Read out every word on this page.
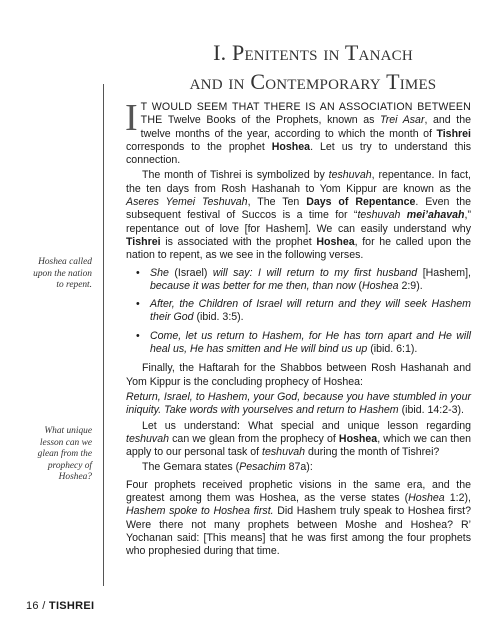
I. Penitents in Tanach
and in Contemporary Times
Hoshea called
upon the nation
to repent.
What unique
lesson can we
glean from the
prophecy of
Hoshea?

IT WOULD SEEM THAT THERE IS AN ASSOCIATION BETWEEN THE Twelve Books of the Prophets, known as Trei Asar, and the twelve months of the year, according to which the month of Tishrei corresponds to the prophet Hoshea. Let us try to understand this connection.

The month of Tishrei is symbolized by teshuvah, repentance. In fact, the ten days from Rosh Hashanah to Yom Kippur are known as the Aseres Yemei Teshuvah, The Ten Days of Repentance. Even the subsequent festival of Succos is a time for “teshuvah mei’ahavah,” repentance out of love [for Hashem]. We can easily understand why Tishrei is associated with the prophet Hoshea, for he called upon the nation to repent, as we see in the following verses.

• She (Israel) will say: I will return to my first husband [Hashem], because it was better for me then, than now (Hoshea 2:9).
• After, the Children of Israel will return and they will seek Hashem their God (ibid. 3:5).
• Come, let us return to Hashem, for He has torn apart and He will heal us, He has smitten and He will bind us up (ibid. 6:1).

Finally, the Haftarah for the Shabbos between Rosh Hashanah and Yom Kippur is the concluding prophecy of Hoshea:

Return, Israel, to Hashem, your God, because you have stumbled in your iniquity. Take words with yourselves and return to Hashem (ibid. 14:2-3).

Let us understand: What special and unique lesson regarding teshuvah can we glean from the prophecy of Hoshea, which we can then apply to our personal task of teshuvah during the month of Tishrei?

The Gemara states (Pesachim 87a):

Four prophets received prophetic visions in the same era, and the greatest among them was Hoshea, as the verse states (Hoshea 1:2), Hashem spoke to Hoshea first. Did Hashem truly speak to Hoshea first? Were there not many prophets between Moshe and Hoshea? R’ Yochanan said: [This means] that he was first among the four prophets who prophesied during that time.

16 / TISHREI
